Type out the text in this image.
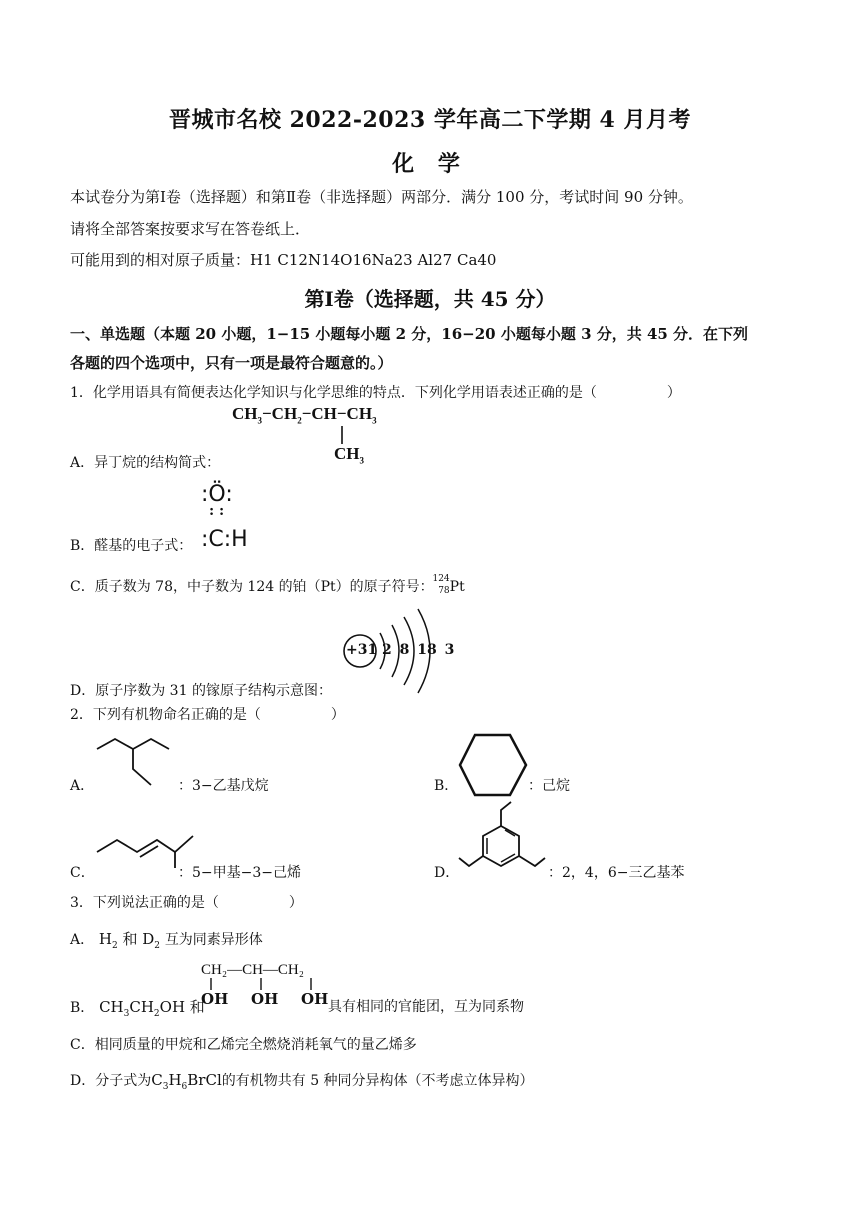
晋城市名校 2022-2023 学年高二下学期 4 月月考
化 学
本试卷分为第Ⅰ卷（选择题）和第Ⅱ卷（非选择题）两部分．满分 100 分，考试时间 90 分钟。
请将全部答案按要求写在答卷纸上．
可能用到的相对原子质量：H1 C12N14O16Na23 Al27 Ca40
第Ⅰ卷（选择题，共 45 分）
一、单选题（本题 20 小题，1−15 小题每小题 2 分，16−20 小题每小题 3 分，共 45 分．在下列
各题的四个选项中，只有一项是最符合题意的。）
1．化学用语具有简便表达化学知识与化学思维的特点．下列化学用语表述正确的是（	）
A．异丁烷的结构简式：
$CH_3-CH_2-CH-CH_3$
$CH_3$
B．醛基的电子式：
:Ö:
: :
:C:H
C．质子数为 78，中子数为 124 的铂（Pt）的原子符号：
124
78 Pt
D．原子序数为 31 的镓原子结构示意图：
+31 2 8 18 3
2．下列有机物命名正确的是（	）
A．	：3−乙基戊烷	B．	：己烷
C．	：5−甲基−3−己烯	D．	：2，4，6−三乙基苯
3．下列说法正确的是（	）
A． $H_2$ 和 $D_2$ 互为同素异形体
CH₂—CH—CH₂
OH OH OH
B． $CH_3CH_2OH$ 和	具有相同的官能团，互为同系物
C．相同质量的甲烷和乙烯完全燃烧消耗氧气的量乙烯多
D．分子式为$C_3H_6BrCl$的有机物共有 5 种同分异构体（不考虑立体异构）
